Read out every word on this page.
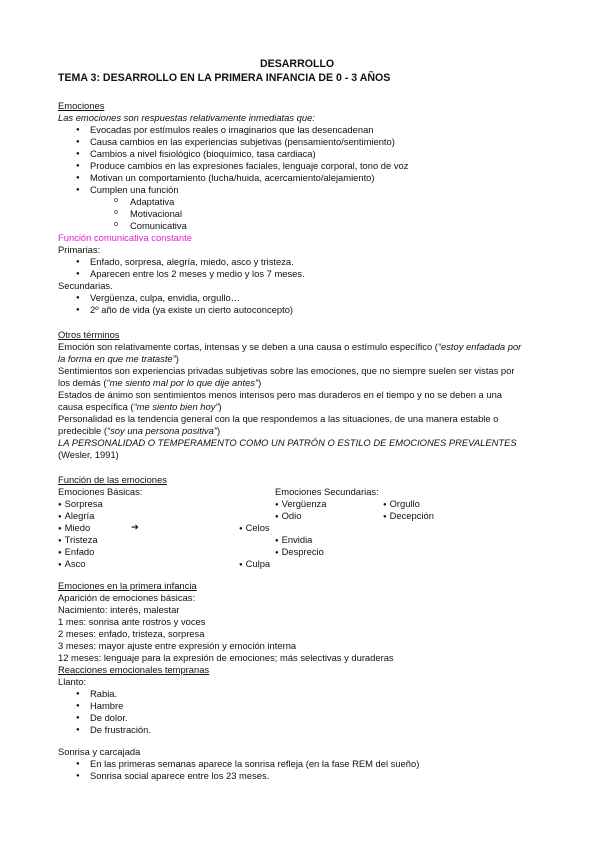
DESARROLLO
TEMA 3: DESARROLLO EN LA PRIMERA INFANCIA DE 0 - 3 AÑOS
Emociones
Las emociones son respuestas relativamente inmediatas que:
● Evocadas por estímulos reales o imaginarios que las desencadenan
● Causa cambios en las experiencias subjetivas (pensamiento/sentimiento)
● Cambios a nivel fisiológico (bioquímico, tasa cardiaca)
● Produce cambios en las expresiones faciales, lenguaje corporal, tono de voz
● Motivan un comportamiento (lucha/huida, acercamiento/alejamiento)
● Cumplen una función
o Adaptativa
o Motivacional
o Comunicativa
Función comunicativa constante
Primarias:
● Enfado, sorpresa, alegría, miedo, asco y tristeza.
● Aparecen entre los 2 meses y medio y los 7 meses.
Secundarias.
● Vergüenza, culpa, envidia, orgullo…
● 2º año de vida (ya existe un cierto autoconcepto)
Otros términos
Emoción son relativamente cortas, intensas y se deben a una causa o estímulo específico (“estoy enfadada por la forma en que me trataste”)
Sentimientos son experiencias privadas subjetivas sobre las emociones, que no siempre suelen ser vistas por los demás (“me siento mal por lo que dije antes”)
Estados de ánimo son sentimientos menos intensos pero mas duraderos en el tiempo y no se deben a una causa específica (“me siento bien hoy”)
Personalidad es la tendencia general con la que respondemos a las situaciones, de una manera estable o predecible (“soy una persona positiva”)
LA PERSONALIDAD O TEMPERAMENTO COMO UN PATRÓN O ESTILO DE EMOCIONES PREVALENTES (Wesler, 1991)
Función de las emociones
Emociones Básicas:
● Sorpresa
● Alegría
● Miedo
● Tristeza
● Enfado
● Asco
➔
●	Celos
● Culpa
Emociones Secundarias:
● Vergüenza
● Odio
● Envidia
● Desprecio
● Orgullo
● Decepción
Emociones en la primera infancia
Aparición de emociones básicas:
Nacimiento: interés, malestar
1 mes: sonrisa ante rostros y voces
2 meses: enfado, tristeza, sorpresa
3 meses: mayor ajuste entre expresión y emoción interna
12 meses: lenguaje para la expresión de emociones; más selectivas y duraderas
Reacciones emocionales tempranas
Llanto:
● Rabia.
● Hambre
● De dolor.
● De frustración.
Sonrisa y carcajada
● En las primeras semanas aparece la sonrisa refleja (en la fase REM del sueño)
● Sonrisa social aparece entre los 23 meses.
